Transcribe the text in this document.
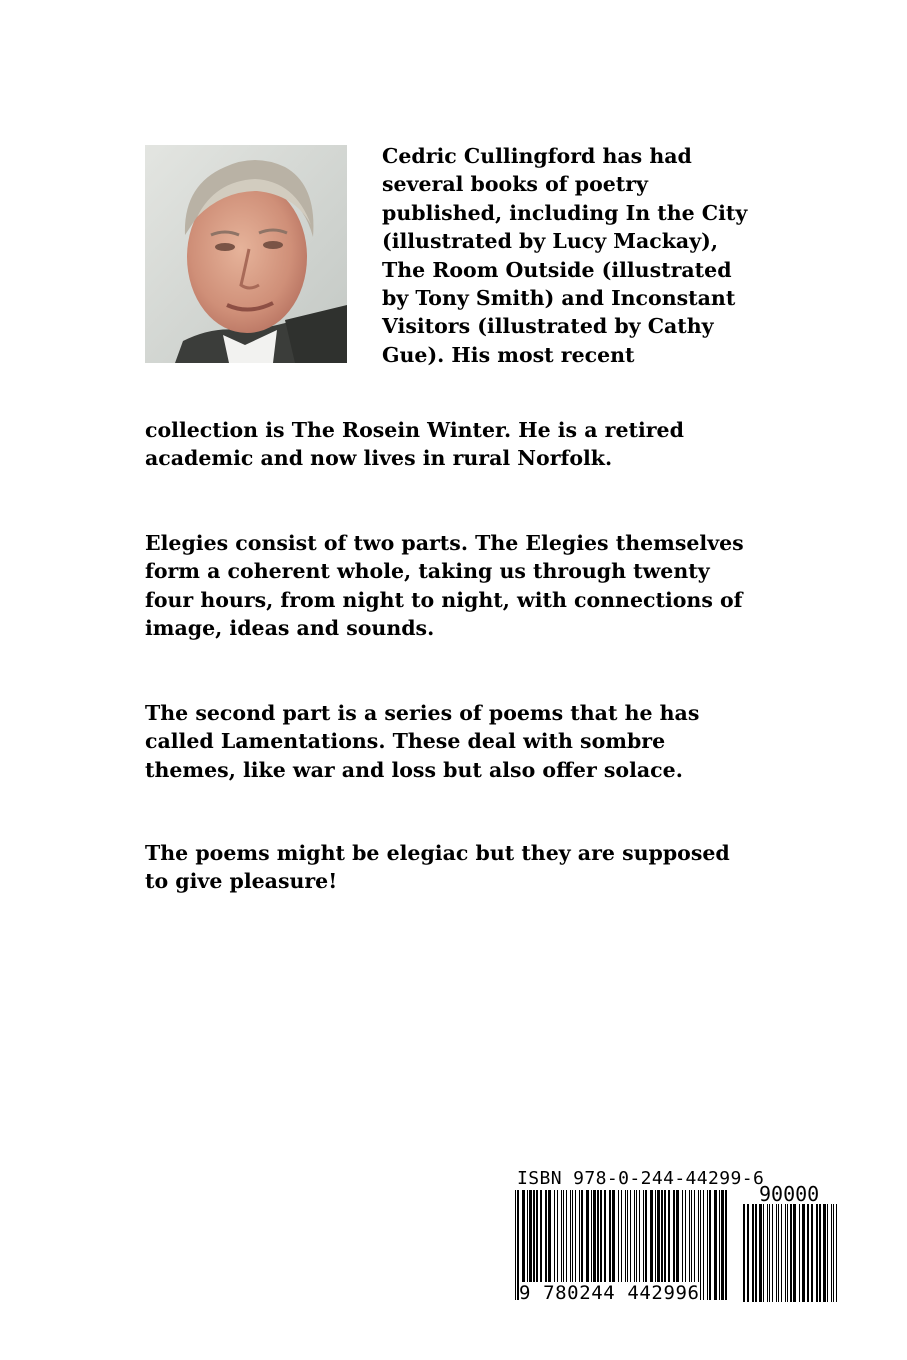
Cedric Cullingford has had
several books of poetry
published, including In the City
(illustrated by Lucy Mackay),
The Room Outside (illustrated
by Tony Smith) and Inconstant
Visitors (illustrated by Cathy
Gue). His most recent

collection is The Rosein Winter. He is a retired
academic and now lives in rural Norfolk.

Elegies consist of two parts. The Elegies themselves
form a coherent whole, taking us through twenty
four hours, from night to night, with connections of
image, ideas and sounds.

The second part is a series of poems that he has
called Lamentations. These deal with sombre
themes, like war and loss but also offer solace.

The poems might be elegiac but they are supposed
to give pleasure!

ISBN 978-0-244-44299-6
90000
9 780244 442996
